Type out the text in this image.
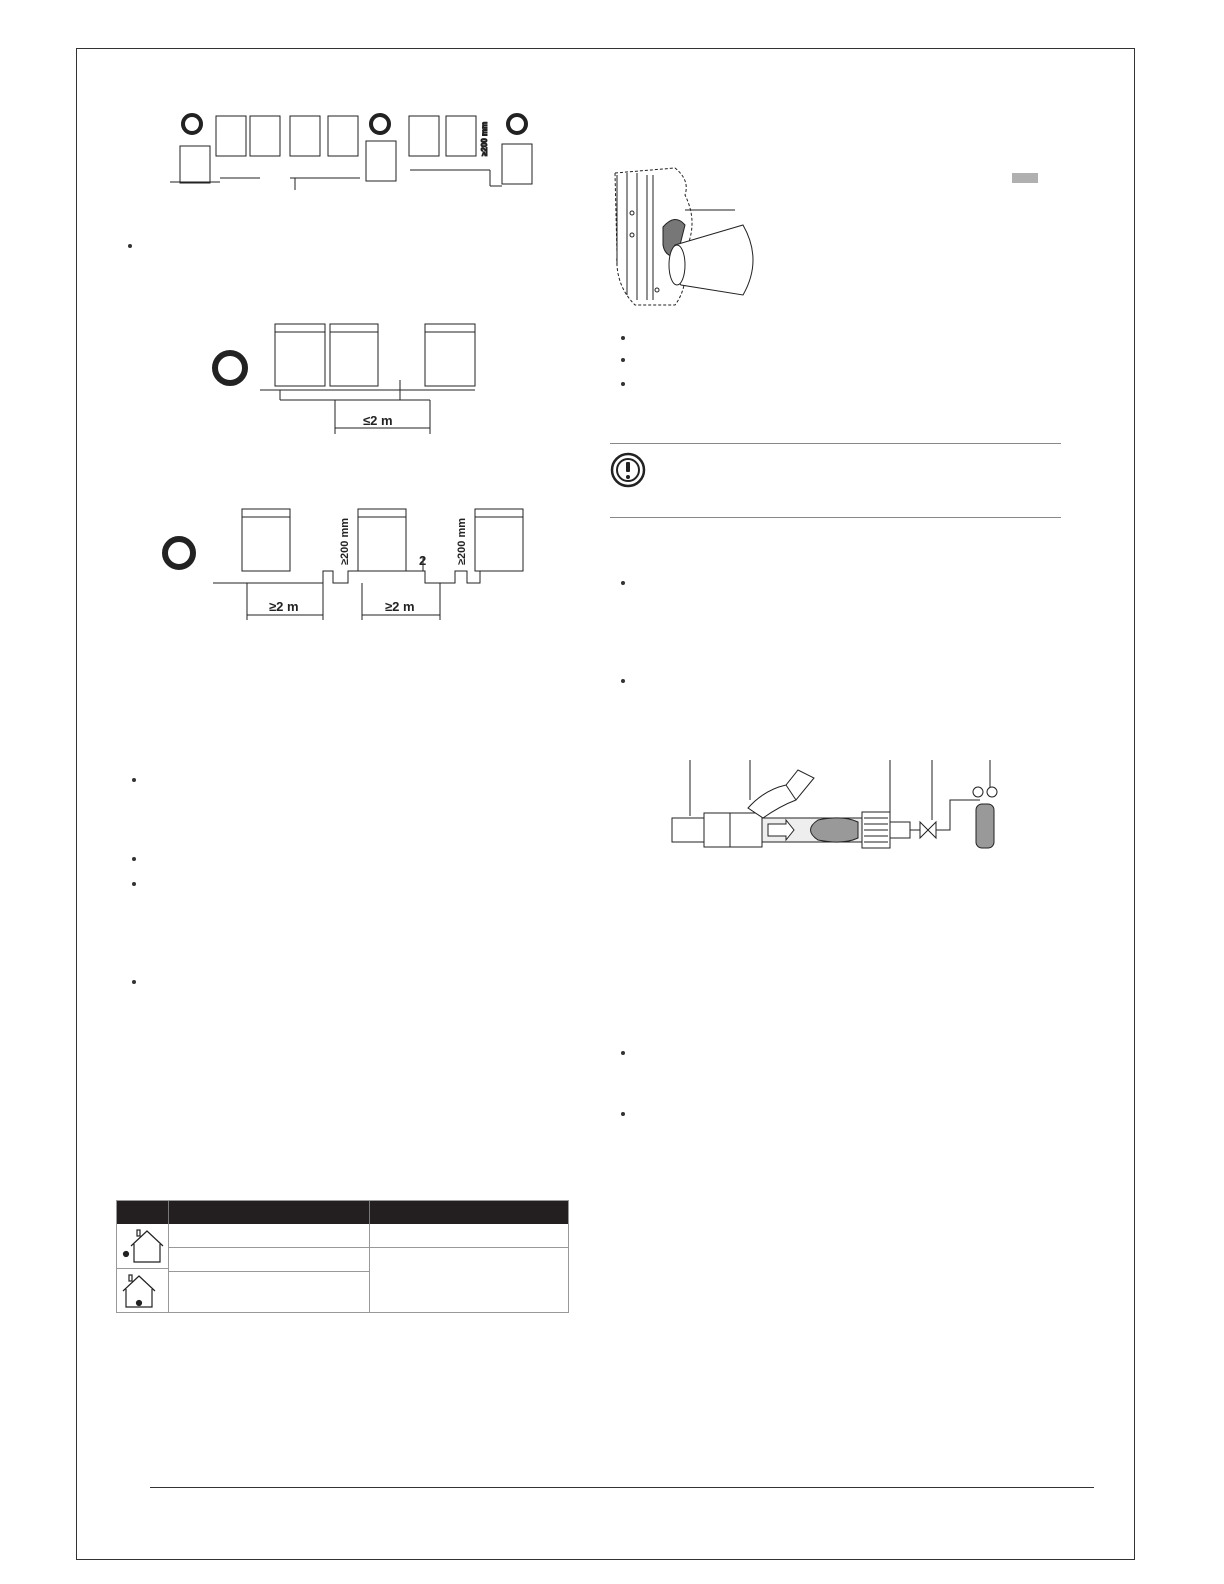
≥200 mm
≤2 m
≥200 mm	≥200 mm
2
≥2 m	≥2 m
